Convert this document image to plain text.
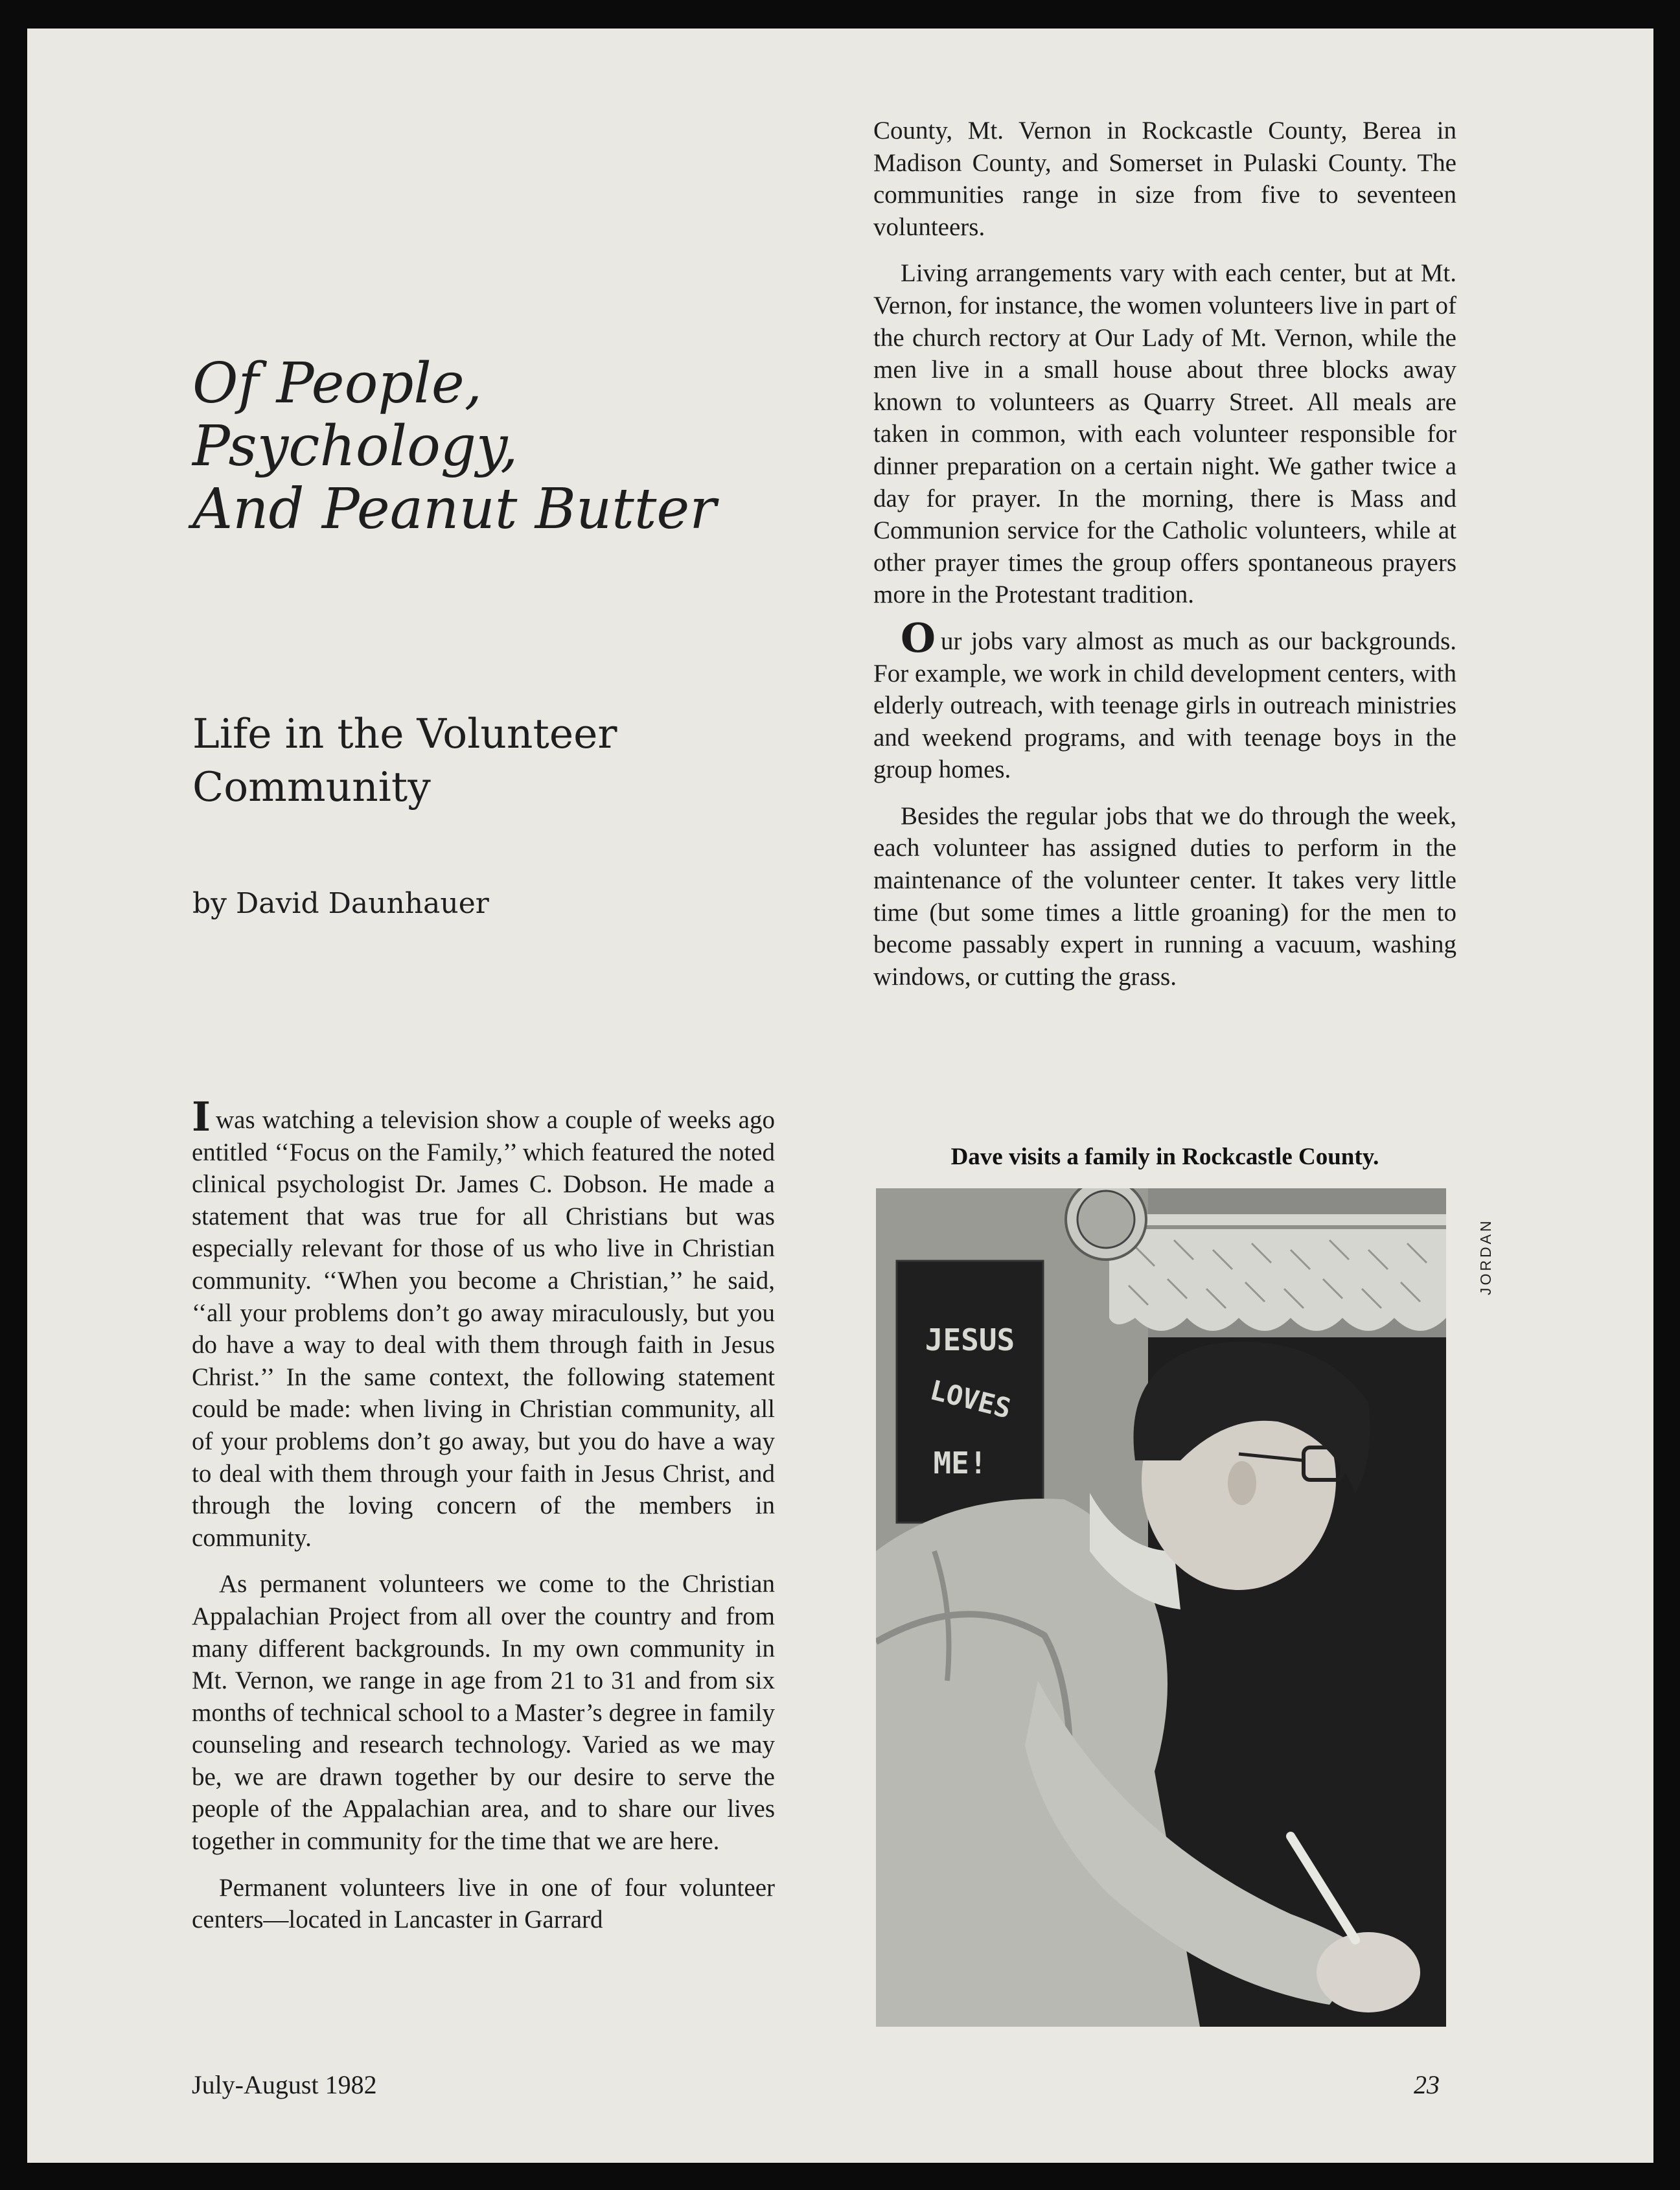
Of People,
Psychology,
And Peanut Butter
Life in the Volunteer
Community
by David Daunhauer

Iwas watching a television show a couple of weeks ago entitled ‘‘Focus on the Family,’’ which featured the noted clinical psychologist Dr. James C. Dobson. He made a statement that was true for all Christians but was especially relevant for those of us who live in Christian community. ‘‘When you become a Christian,’’ he said, ‘‘all your problems don’t go away miraculously, but you do have a way to deal with them through faith in Jesus Christ.’’ In the same context, the following statement could be made: when living in Christian community, all of your problems don’t go away, but you do have a way to deal with them through your faith in Jesus Christ, and through the loving concern of the members in community.

As permanent volunteers we come to the Christian Appalachian Project from all over the country and from many different backgrounds. In my own community in Mt. Vernon, we range in age from 21 to 31 and from six months of technical school to a Master’s degree in family counseling and research technology. Varied as we may be, we are drawn together by our desire to serve the people of the Appalachian area, and to share our lives together in community for the time that we are here.

Permanent volunteers live in one of four volunteer centers—located in Lancaster in Garrard

County, Mt. Vernon in Rockcastle County, Berea in Madison County, and Somerset in Pulaski County. The communities range in size from five to seventeen volunteers.

Living arrangements vary with each center, but at Mt. Vernon, for instance, the women volunteers live in part of the church rectory at Our Lady of Mt. Vernon, while the men live in a small house about three blocks away known to volunteers as Quarry Street. All meals are taken in common, with each volunteer responsible for dinner preparation on a certain night. We gather twice a day for prayer. In the morning, there is Mass and Communion service for the Catholic volunteers, while at other prayer times the group offers spontaneous prayers more in the Protestant tradition.

Our jobs vary almost as much as our backgrounds. For example, we work in child development centers, with elderly outreach, with teenage girls in outreach ministries and weekend programs, and with teenage boys in the group homes.

Besides the regular jobs that we do through the week, each volunteer has assigned duties to perform in the maintenance of the volunteer center. It takes very little time (but some times a little groaning) for the men to become passably expert in running a vacuum, washing windows, or cutting the grass.

Dave visits a family in Rockcastle County.
JESUS
LOVES
ME!
JORDAN
July-August 1982	23
